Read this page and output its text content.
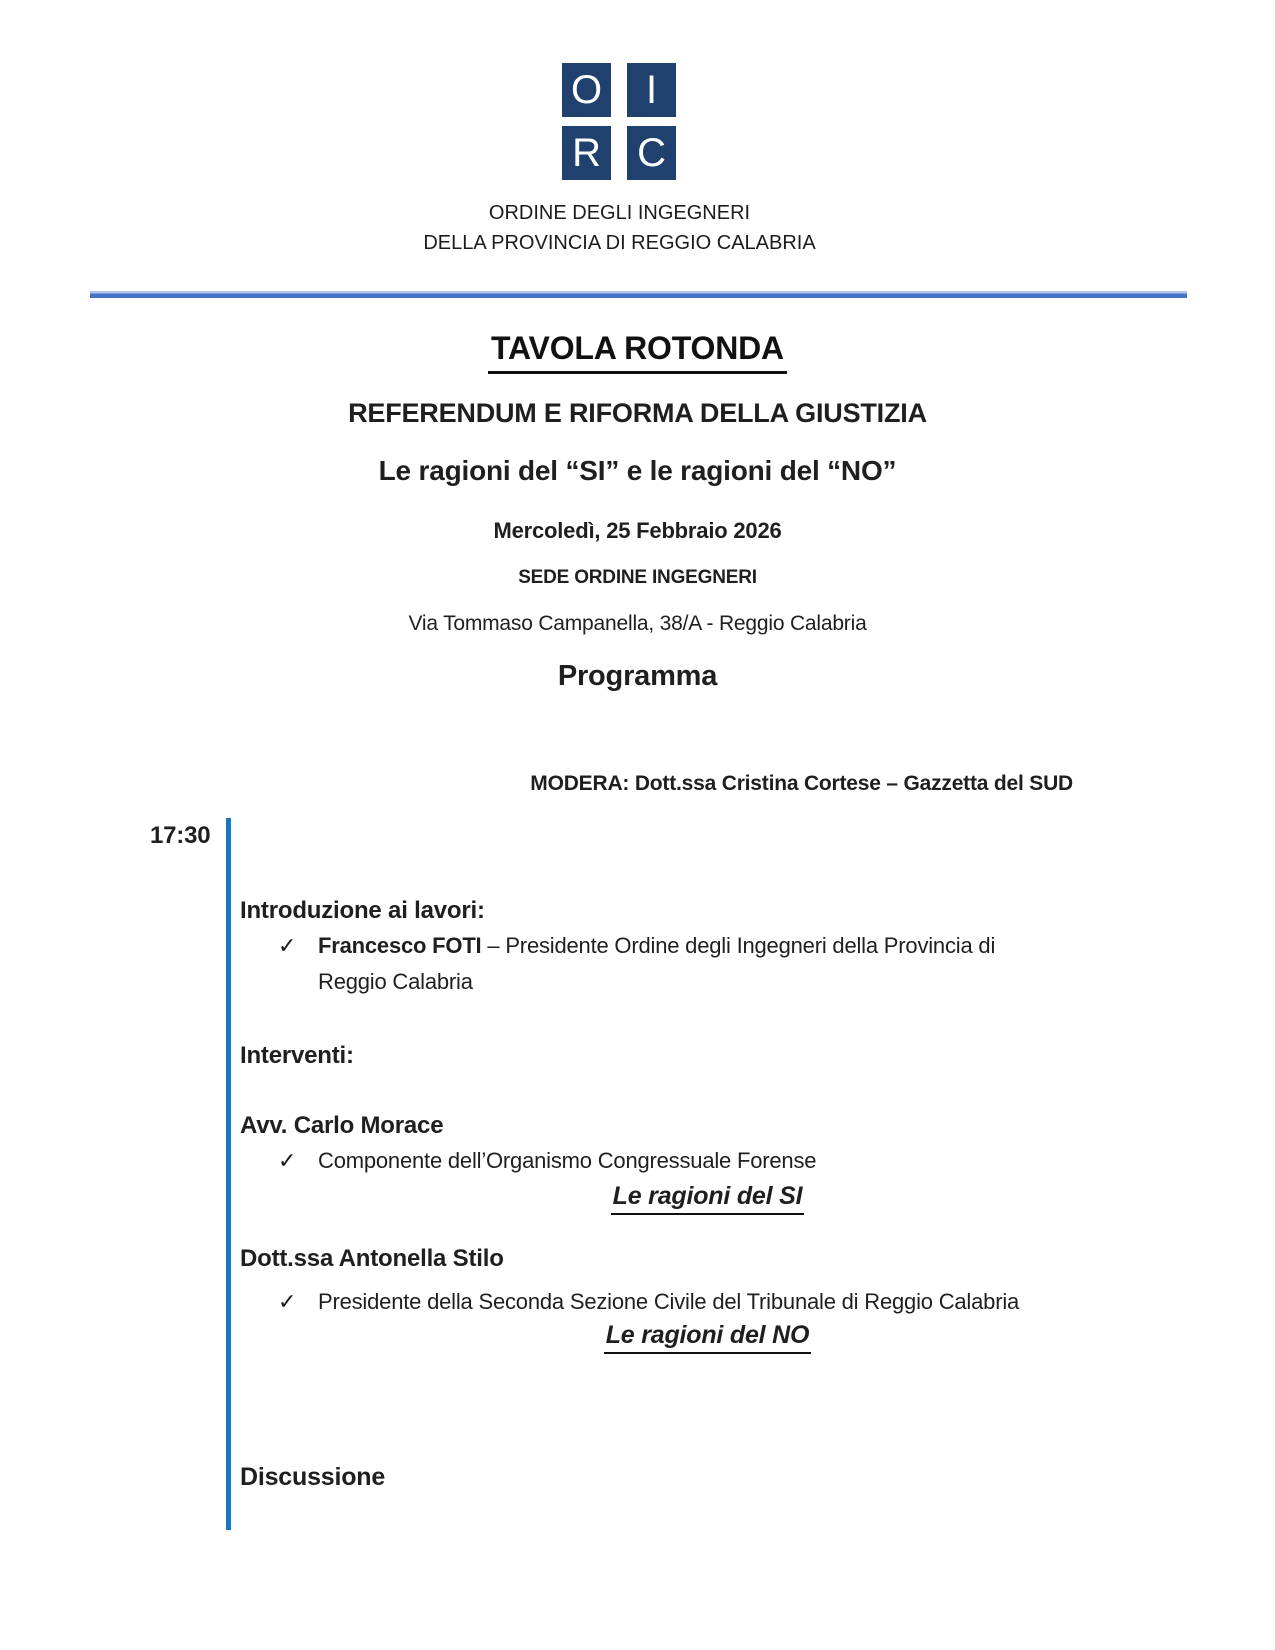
O	I
R C
ORDINE DEGLI INGEGNERI
DELLA PROVINCIA DI REGGIO CALABRIA
TAVOLA ROTONDA
REFERENDUM E RIFORMA DELLA GIUSTIZIA
Le ragioni del “SI” e le ragioni del “NO”
Mercoledì, 25 Febbraio 2026
SEDE ORDINE INGEGNERI
Via Tommaso Campanella, 38/A - Reggio Calabria
Programma
MODERA: Dott.ssa Cristina Cortese – Gazzetta del SUD
17:30
Introduzione ai lavori:
✓ Francesco FOTI – Presidente Ordine degli Ingegneri della Provincia di
Reggio Calabria
Interventi:
Avv. Carlo Morace
✓ Componente dell’Organismo Congressuale Forense
Le ragioni del SI
Dott.ssa Antonella Stilo
✓ Presidente della Seconda Sezione Civile del Tribunale di Reggio Calabria
Le ragioni del NO
Discussione
